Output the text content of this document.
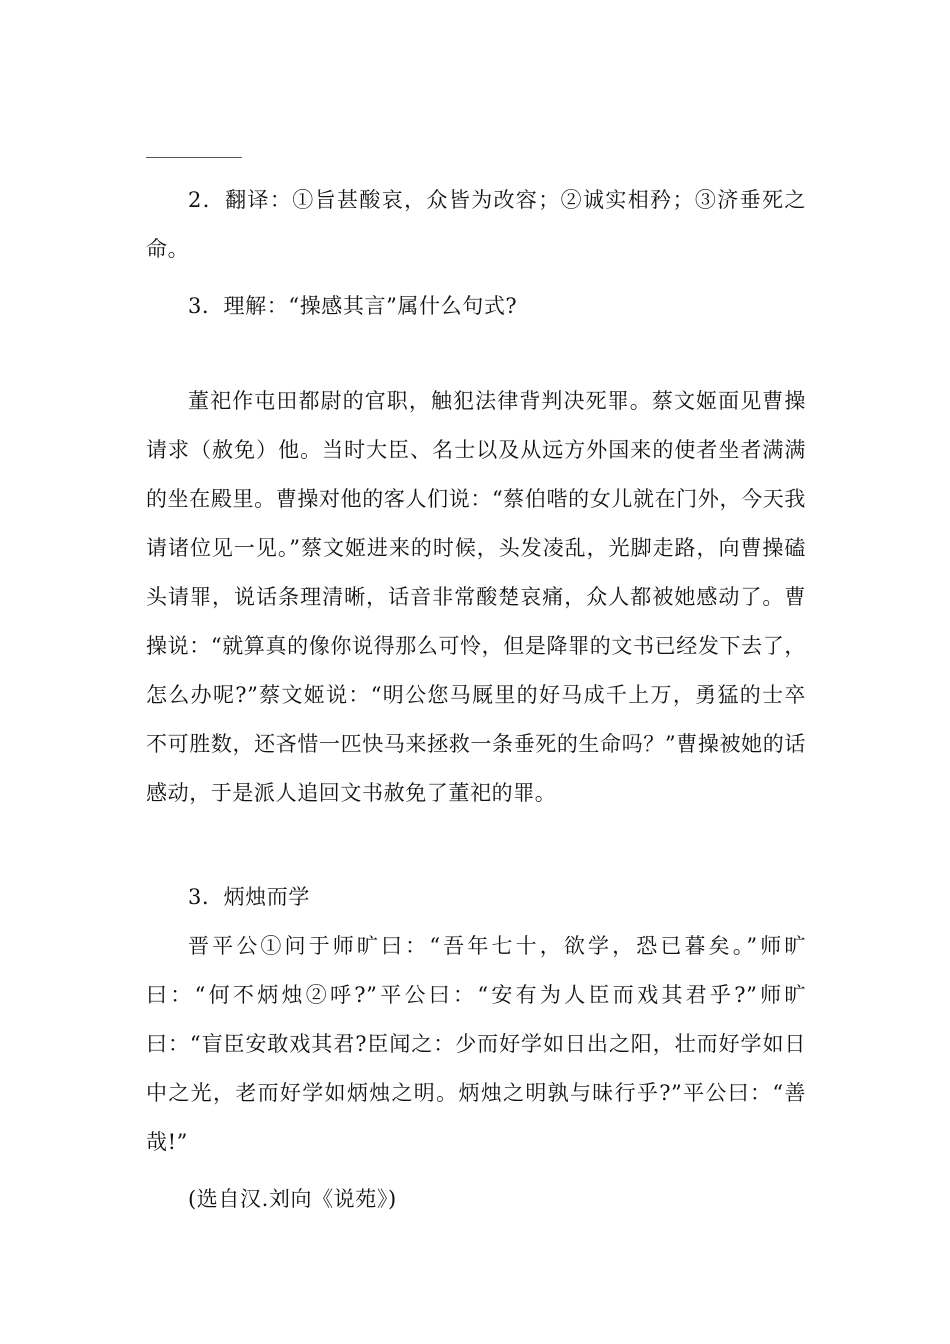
2．翻译：①旨甚酸哀，众皆为改容；②诚实相矜；③济垂死之命。

3．理解：“操感其言”属什么句式?

董祀作屯田都尉的官职，触犯法律背判决死罪。蔡文姬面见曹操请求（赦免）他。当时大臣、名士以及从远方外国来的使者坐者满满的坐在殿里。曹操对他的客人们说：“蔡伯喈的女儿就在门外，今天我请诸位见一见。”蔡文姬进来的时候，头发凌乱，光脚走路，向曹操磕头请罪，说话条理清晰，话音非常酸楚哀痛，众人都被她感动了。曹操说：“就算真的像你说得那么可怜，但是降罪的文书已经发下去了，怎么办呢?”蔡文姬说：“明公您马厩里的好马成千上万，勇猛的士卒不可胜数，还吝惜一匹快马来拯救一条垂死的生命吗？”曹操被她的话感动，于是派人追回文书赦免了董祀的罪。

3．炳烛而学

晋平公①问于师旷曰：“吾年七十，欲学，恐已暮矣。”师旷曰：“何不炳烛②呼?”平公曰：“安有为人臣而戏其君乎?”师旷曰：“盲臣安敢戏其君?臣闻之：少而好学如日出之阳，壮而好学如日中之光，老而好学如炳烛之明。炳烛之明孰与昧行乎?”平公曰：“善哉!”

(选自汉.刘向《说苑》)
